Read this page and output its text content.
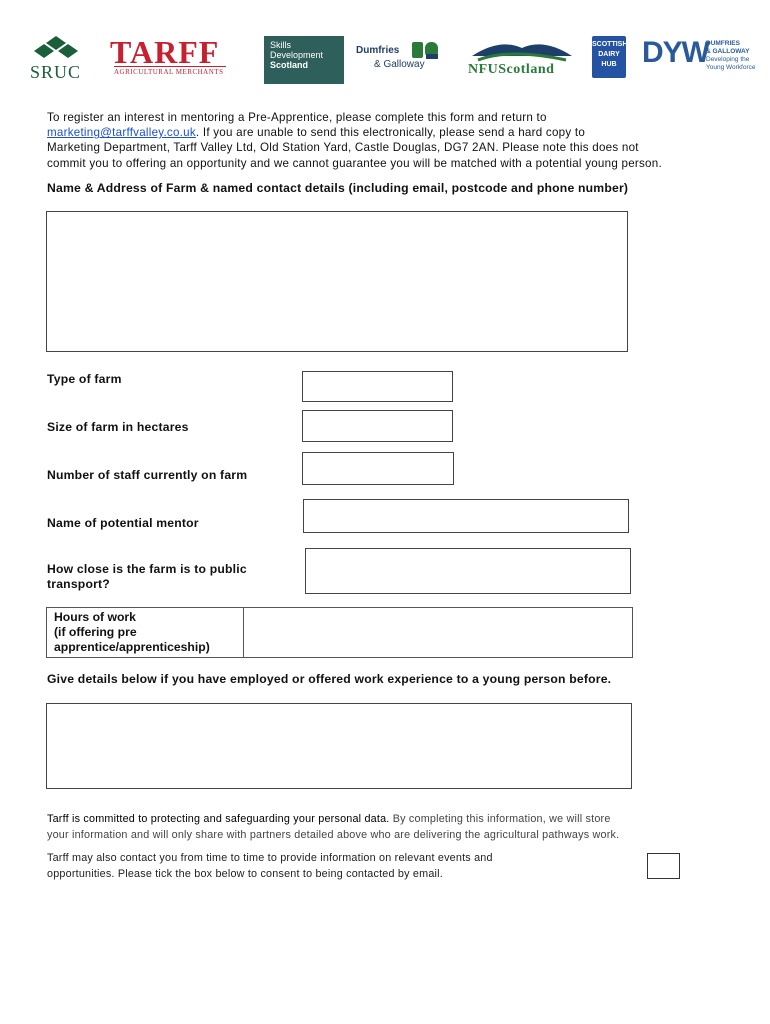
SRUC
TARFF
AGRICULTURAL MERCHANTS
Skills
Development
Scotland
Dumfries
& Galloway	NFUScotland
SCOTTISH
DAIRY
HUB DYW
DUMFRIES
& GALLOWAY
Developing the
Young Workforce

To register an interest in mentoring a Pre-Apprentice, please complete this form and return to

marketing@tarffvalley.co.uk. If you are unable to send this electronically, please send a hard copy to

Marketing Department, Tarff Valley Ltd, Old Station Yard, Castle Douglas, DG7 2AN. Please note this does not

commit you to offering an opportunity and we cannot guarantee you will be matched with a potential young person.

Name & Address of Farm & named contact details (including email, postcode and phone number)
Type of farm
Size of farm in hectares
Number of staff currently on farm
Name of potential mentor
How close is the farm is to public
transport?
Hours of work
(if offering pre
apprentice/apprenticeship)

Give details below if you have employed or offered work experience to a young person before.
Tarff is committed to protecting and safeguarding your personal data. By completing this information, we will store
your information and will only share with partners detailed above who are delivering the agricultural pathways work.
Tarff may also contact you from time to time to provide information on relevant events and
opportunities. Please tick the box below to consent to being contacted by email.
